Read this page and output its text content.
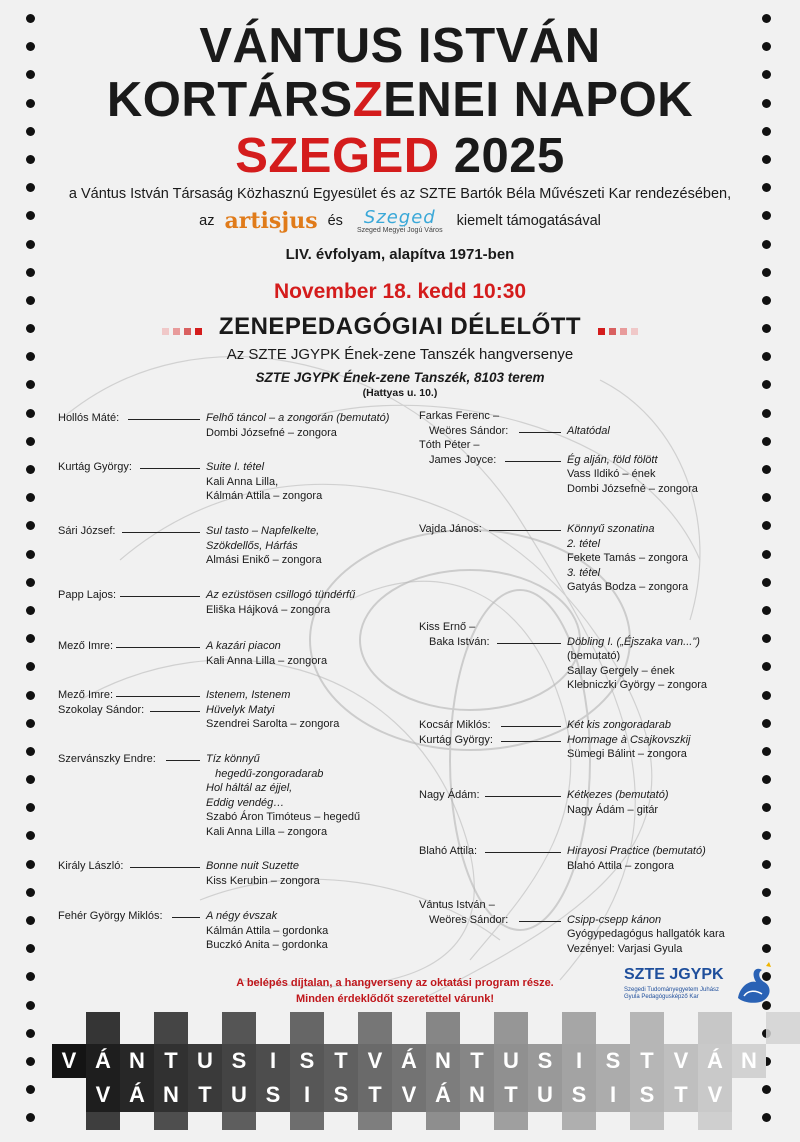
VÁNTUS ISTVÁN
KORTÁRSZENEI NAPOK
SZEGED 2025
a Vántus István Társaság Közhasznú Egyesület és az SZTE Bartók Béla Művészeti Kar rendezésében,
az artisjus és	Szeged
Szeged Megyei Jogú Város
kiemelt támogatásával
LIV. évfolyam, alapítva 1971-ben
November 18. kedd 10:30
ZENEPEDAGÓGIAI DÉLELŐTT
Az SZTE JGYPK Ének-zene Tanszék hangversenye
SZTE JGYPK Ének-zene Tanszék, 8103 terem
(Hattyas u. 10.)
Hollós Máté:	Felhő táncol – a zongorán (bemutató)
Dombi Józsefné – zongora
Kurtág György:	Suite I. tétel
Kali Anna Lilla,
Kálmán Attila – zongora
Sári József:	Sul tasto – Napfelkelte,
Szökdellős, Hárfás
Almási Enikő – zongora
Papp Lajos:	Az ezüstösen csillogó tündérfű
Eliška Hájková – zongora
Mező Imre:	A kazári piacon
Kali Anna Lilla – zongora
Mező Imre:	Istenem, Istenem
Szokolay Sándor:	Hüvelyk Matyi
Szendrei Sarolta – zongora
Szervánszky Endre:	Tíz könnyű
hegedű-zongoradarab
Hol háltál az éjjel,
Eddig vendég…
Szabó Áron Timóteus – hegedű
Kali Anna Lilla – zongora
Király László:	Bonne nuit Suzette
Kiss Kerubin – zongora
Fehér György Miklós:	A négy évszak
Kálmán Attila – gordonka
Buczkó Anita – gordonka
Farkas Ferenc –
Weöres Sándor:	Altatódal
Tóth Péter –
James Joyce:	Ég alján, föld fölött
Vass Ildikó – ének
Dombi Józsefné – zongora
Vajda János:	Könnyű szonatina
2. tétel
Fekete Tamás – zongora
3. tétel
Gatyás Bodza – zongora
Kiss Ernő –
Baka István:	Döbling I. („Éjszaka van...")
(bemutató)
Sallay Gergely – ének
Klebniczki György – zongora
Kocsár Miklós:	Két kis zongoradarab
Kurtág György:	Hommage à Csajkovszkij
Sümegi Bálint – zongora
Nagy Ádám:	Kétkezes (bemutató)
Nagy Ádám – gitár
Blahó Attila:	Hirayosi Practice (bemutató)
Blahó Attila – zongora
Vántus István –
Weöres Sándor:	Csipp-csepp kánon
Gyógypedagógus hallgatók kara
Vezényel: Varjasi Gyula
A belépés díjtalan, a hangverseny az oktatási program része.
Minden érdeklődőt szeretettel várunk!
SZTE JGYPK
Szegedi Tudományegyetem Juhász Gyula Pedagógusképző Kar
V Á N T U S I S T V Á N T U S I S T V Á N
V Á N T U S I S T V Á N T U S I S T V
